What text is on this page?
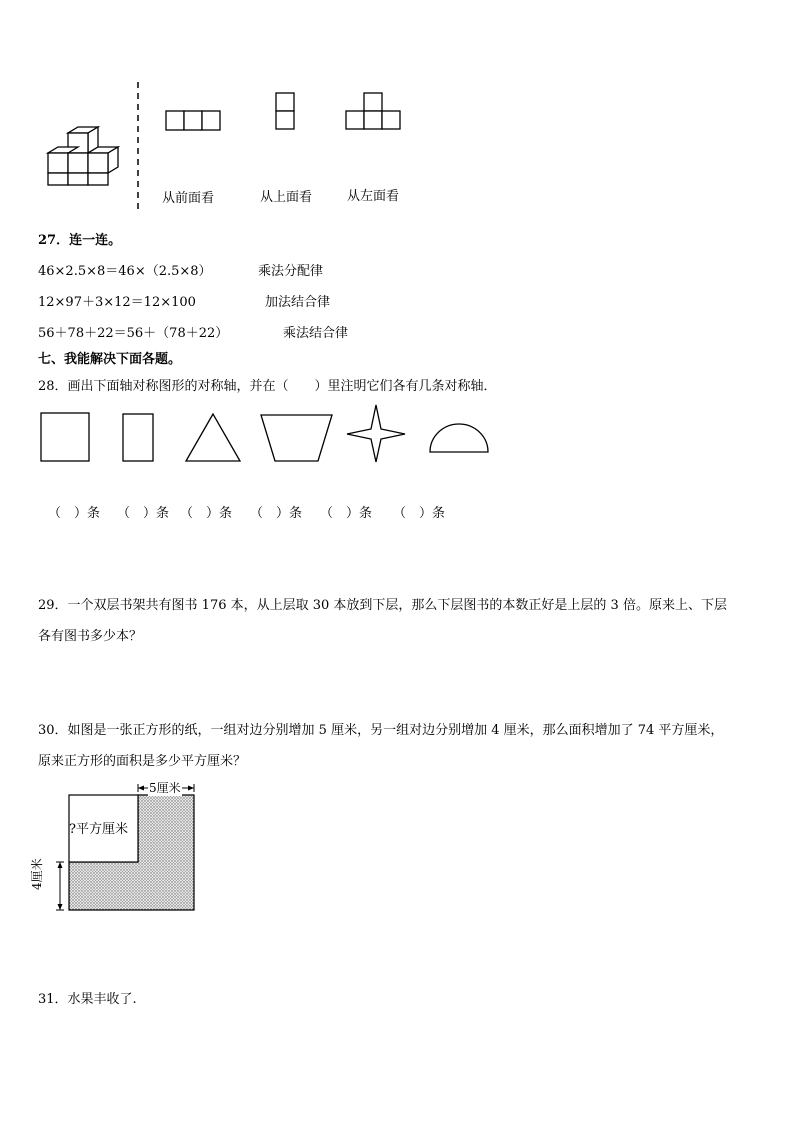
从前面看	从上面看	从左面看
27．连一连。
46×2.5×8＝46×（2.5×8）	乘法分配律
12×97＋3×12＝12×100	加法结合律
56＋78＋22＝56＋（78＋22）	乘法结合律
七、我能解决下面各题。
28．画出下面轴对称图形的对称轴，并在（　　）里注明它们各有几条对称轴．
（　）条 （　）条 （　）条 （　）条 （　）条 （　）条
29．一个双层书架共有图书 176 本，从上层取 30 本放到下层，那么下层图书的本数正好是上层的 3 倍。原来上、下层
各有图书多少本？
30．如图是一张正方形的纸，一组对边分别增加 5 厘米，另一组对边分别增加 4 厘米，那么面积增加了 74 平方厘米，
原来正方形的面积是多少平方厘米？
5厘米
?平方厘米
4厘米
31．水果丰收了.
